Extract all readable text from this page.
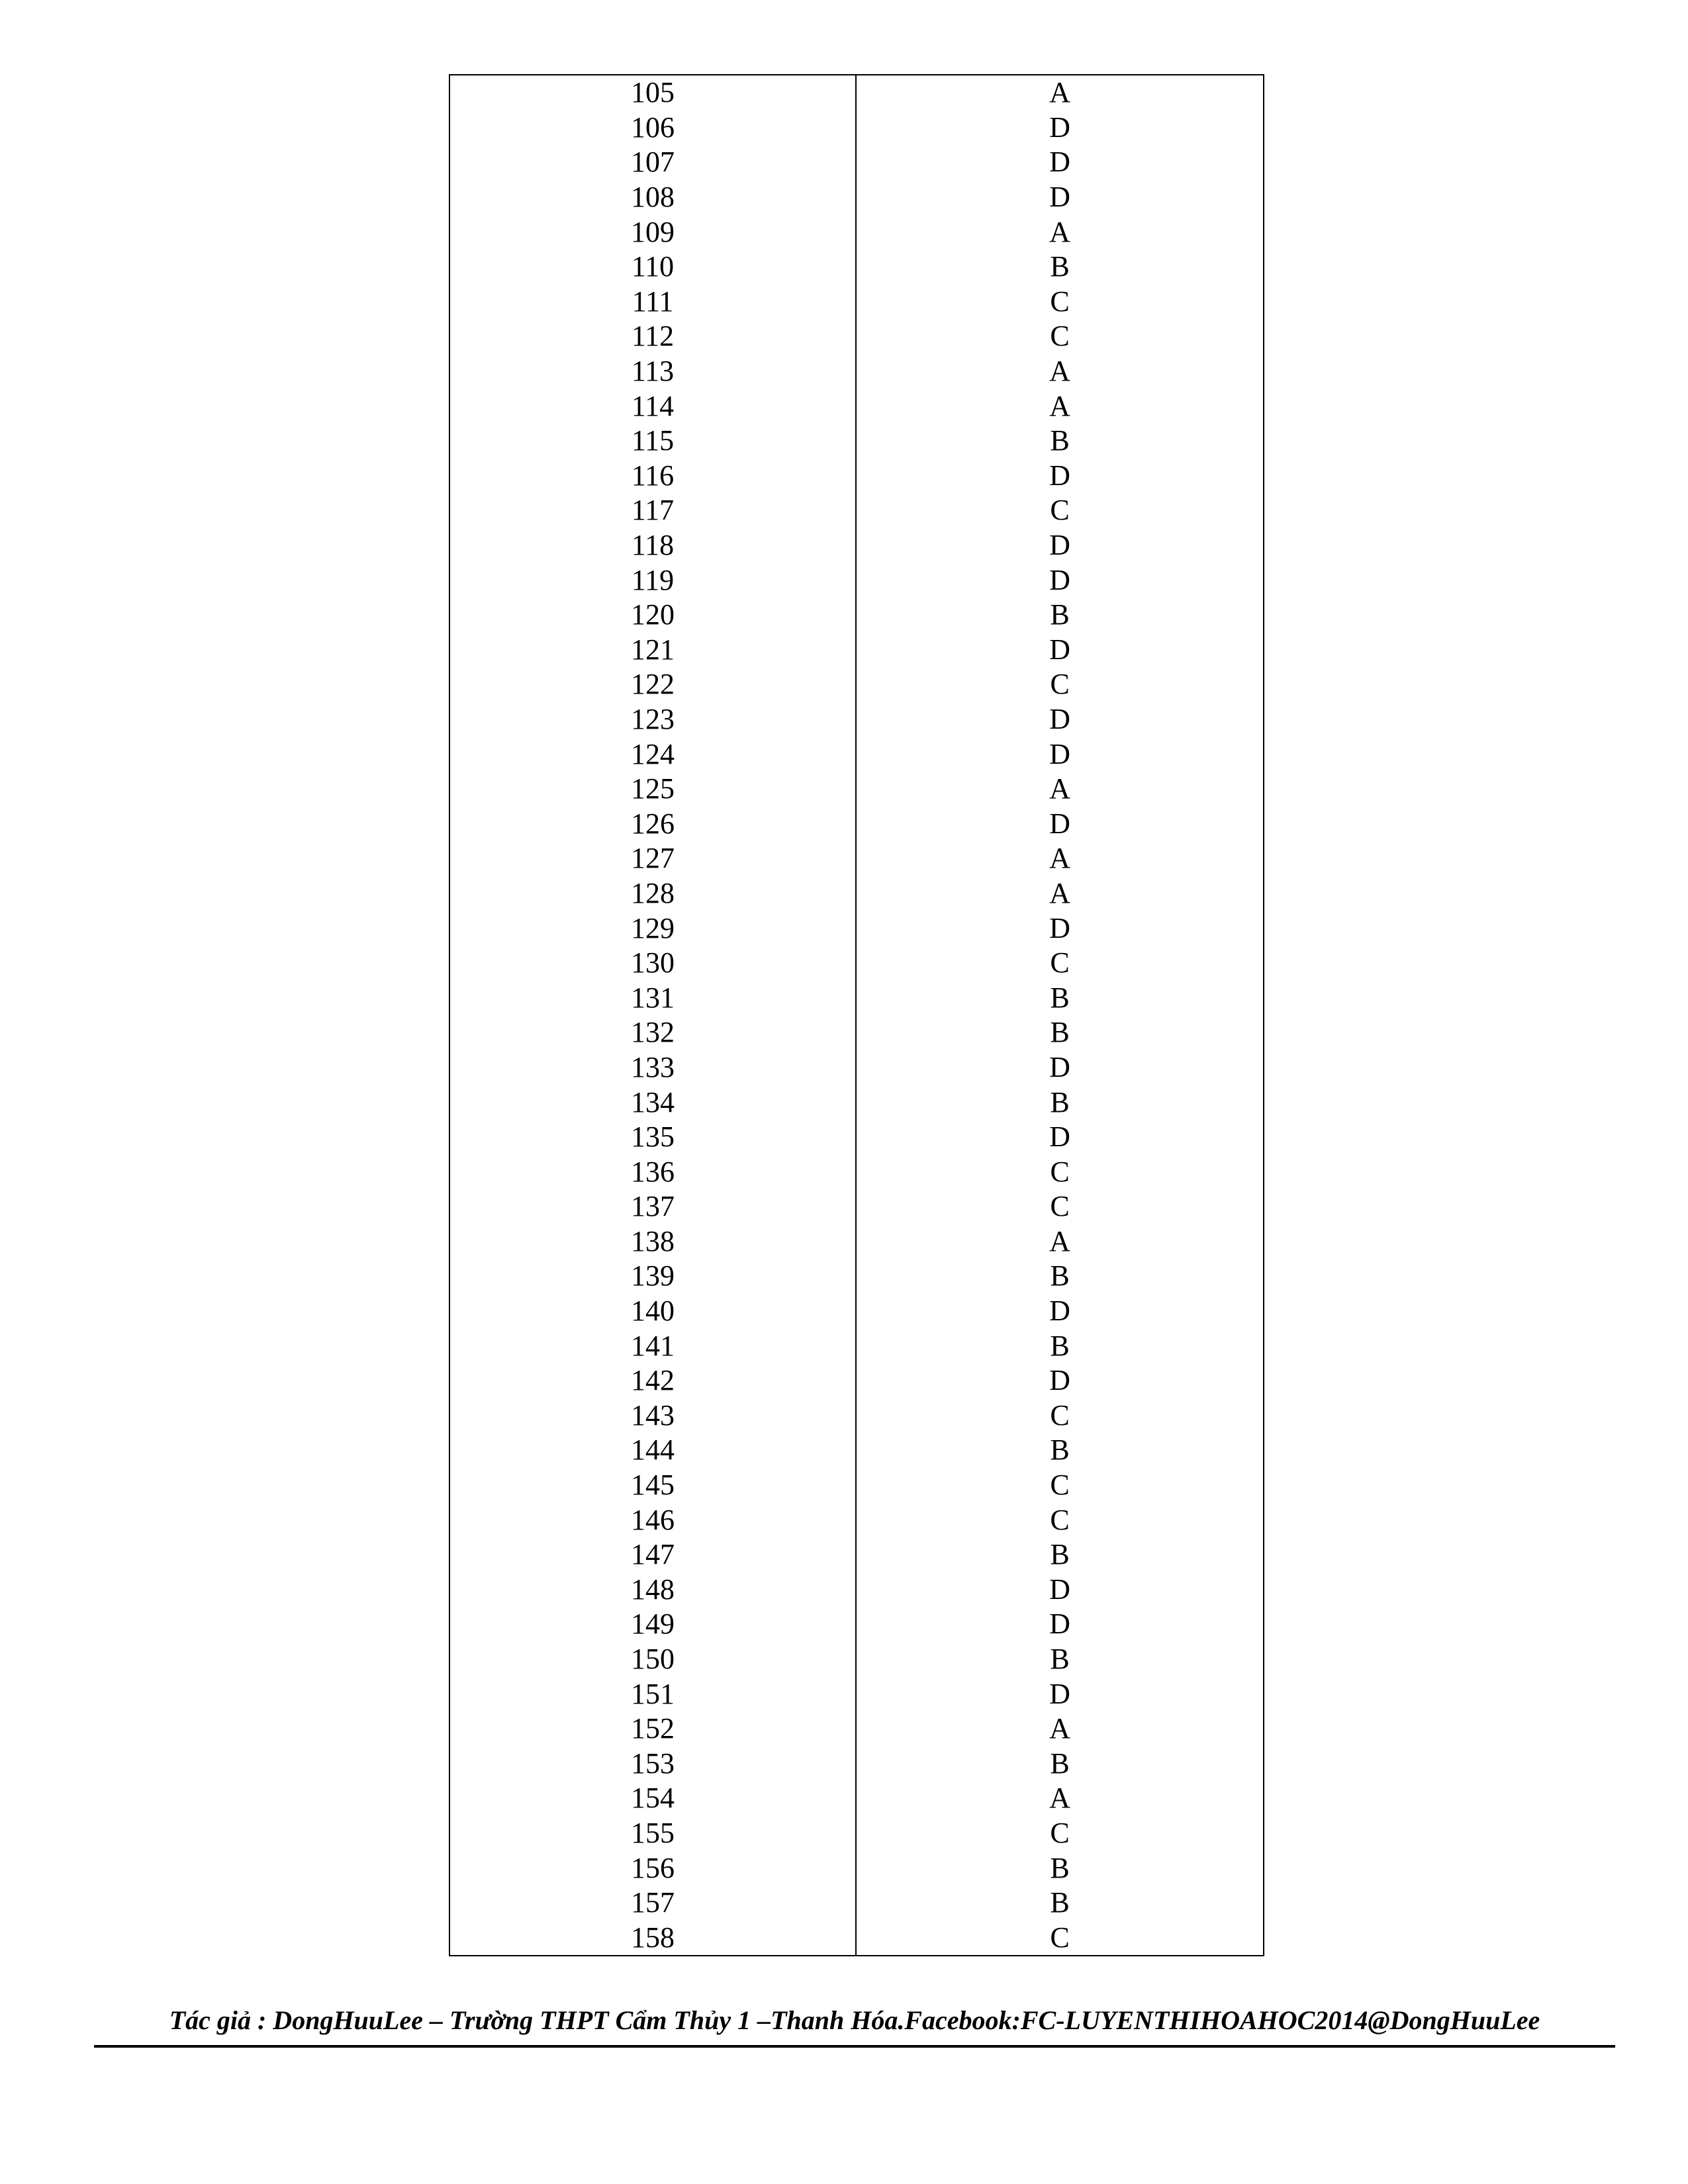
105	A
106	D
107	D
108	D
109	A
110	B
111	C
112	C
113	A
114	A
115	B
116	D
117	C
118	D
119	D
120	B
121	D
122	C
123	D
124	D
125	A
126	D
127	A
128	A
129	D
130	C
131	B
132	B
133	D
134	B
135	D
136	C
137	C
138	A
139	B
140	D
141	B
142	D
143	C
144	B
145	C
146	C
147	B
148	D
149	D
150	B
151	D
152	A
153	B
154	A
155	C
156	B
157	B
158	C
Tác giả : DongHuuLee – Trường THPT Cẩm Thủy 1 –Thanh Hóa.Facebook:FC-LUYENTHIHOAHOC2014@DongHuuLee
